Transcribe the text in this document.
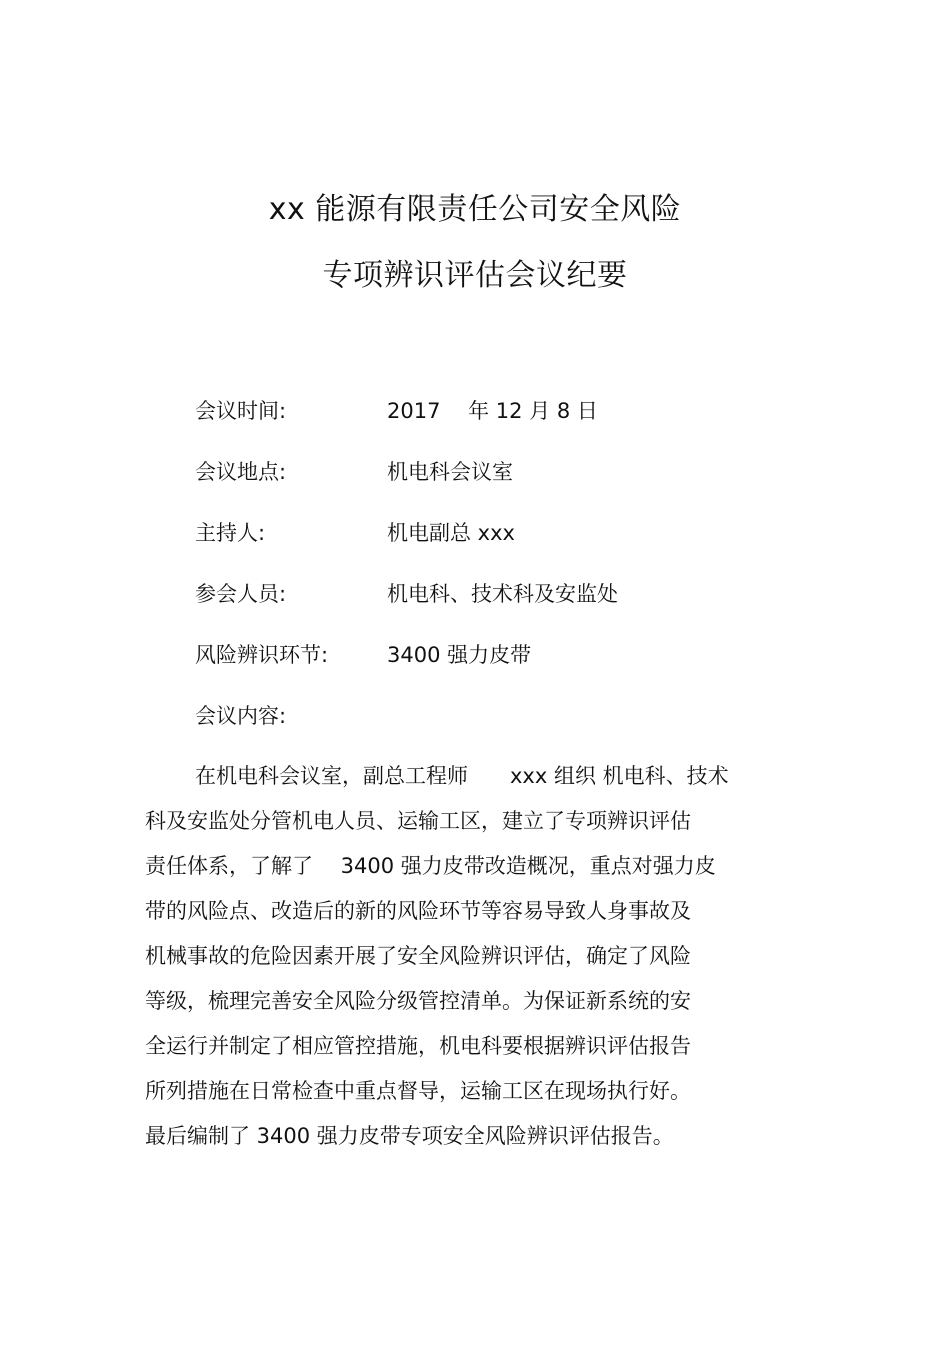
xx 能源有限责任公司安全风险
专项辨识评估会议纪要
会议时间:	2017　 年 12 月 8 日
会议地点:	机电科会议室
主持人:	机电副总 xxx
参会人员:	机电科、技术科及安监处
风险辨识环节:	3400 强力皮带
会议内容:
在机电科会议室，副总工程师　　xxx 组织 机电科、技术
科及安监处分管机电人员、运输工区，建立了专项辨识评估
责任体系，了解了　 3400 强力皮带改造概况，重点对强力皮
带的风险点、改造后的新的风险环节等容易导致人身事故及
机械事故的危险因素开展了安全风险辨识评估，确定了风险
等级，梳理完善安全风险分级管控清单。为保证新系统的安
全运行并制定了相应管控措施，机电科要根据辨识评估报告
所列措施在日常检查中重点督导，运输工区在现场执行好。
最后编制了 3400 强力皮带专项安全风险辨识评估报告。
